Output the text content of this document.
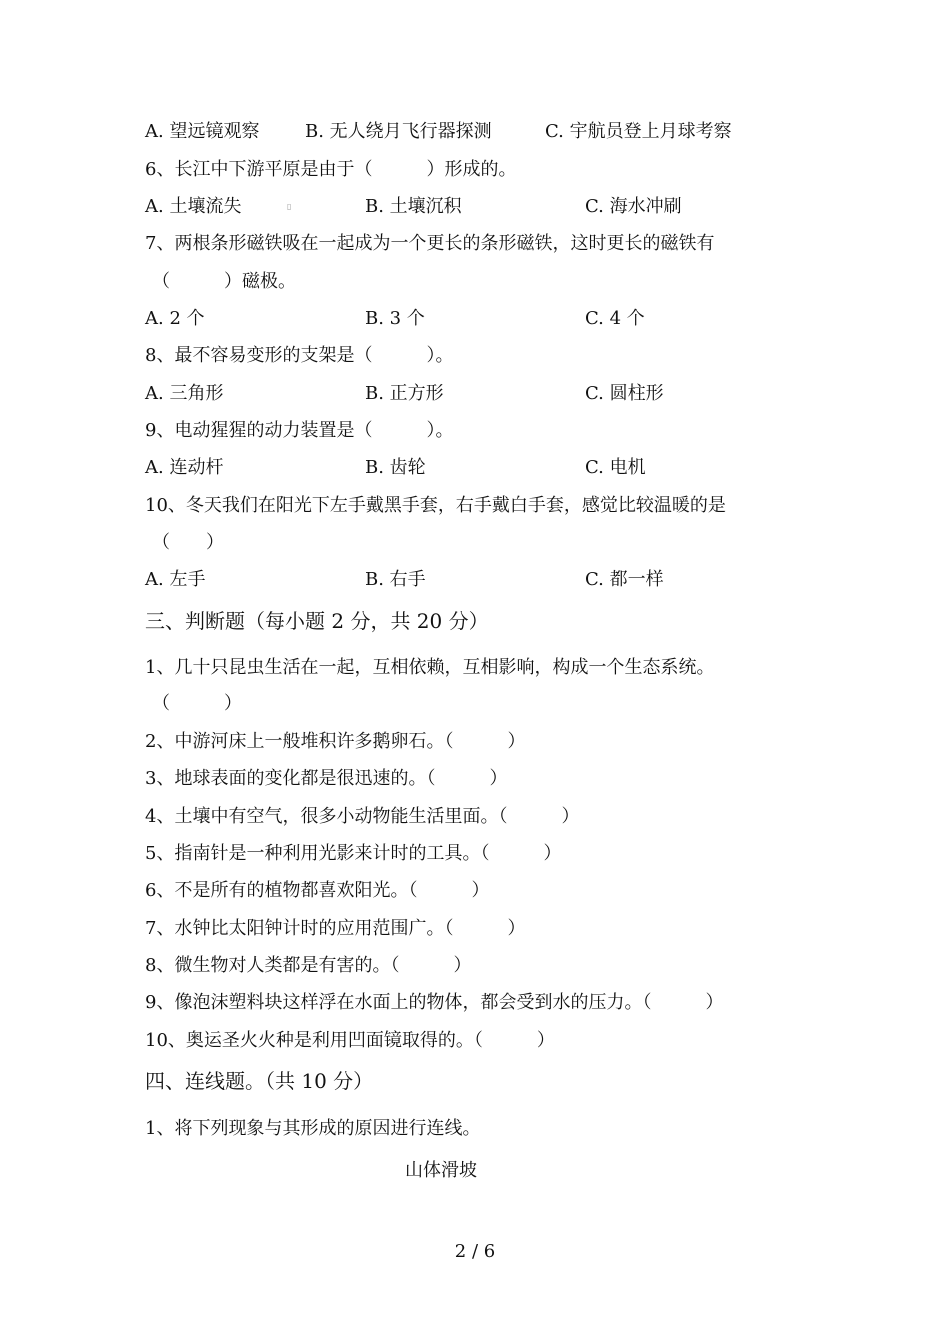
A. 望远镜观察	B. 无人绕月飞行器探测	C. 宇航员登上月球考察
6、长江中下游平原是由于（　　　）形成的。
A. 土壤流失	▯	B. 土壤沉积	C. 海水冲刷
7、两根条形磁铁吸在一起成为一个更长的条形磁铁，这时更长的磁铁有
（　　　）磁极。
A. 2 个	B. 3 个	C. 4 个
8、最不容易变形的支架是（　　　）。
A. 三角形	B. 正方形	C. 圆柱形
9、电动猩猩的动力装置是（　　　）。
A. 连动杆	B. 齿轮	C. 电机
10、冬天我们在阳光下左手戴黑手套，右手戴白手套，感觉比较温暖的是
（　　）
A. 左手	B. 右手	C. 都一样
三、判断题（每小题 2 分，共 20 分）
1、几十只昆虫生活在一起，互相依赖，互相影响，构成一个生态系统。
（　　　）
2、中游河床上一般堆积许多鹅卵石。（　　　）
3、地球表面的变化都是很迅速的。（　　　）
4、土壤中有空气，很多小动物能生活里面。（　　　）
5、指南针是一种利用光影来计时的工具。（　　　）
6、不是所有的植物都喜欢阳光。（　　　）
7、水钟比太阳钟计时的应用范围广。（　　　）
8、微生物对人类都是有害的。（　　　）
9、像泡沫塑料块这样浮在水面上的物体，都会受到水的压力。（　　　）
10、奥运圣火火种是利用凹面镜取得的。（　　　）
四、连线题。（共 10 分）
1、将下列现象与其形成的原因进行连线。
山体滑坡
2 / 6
